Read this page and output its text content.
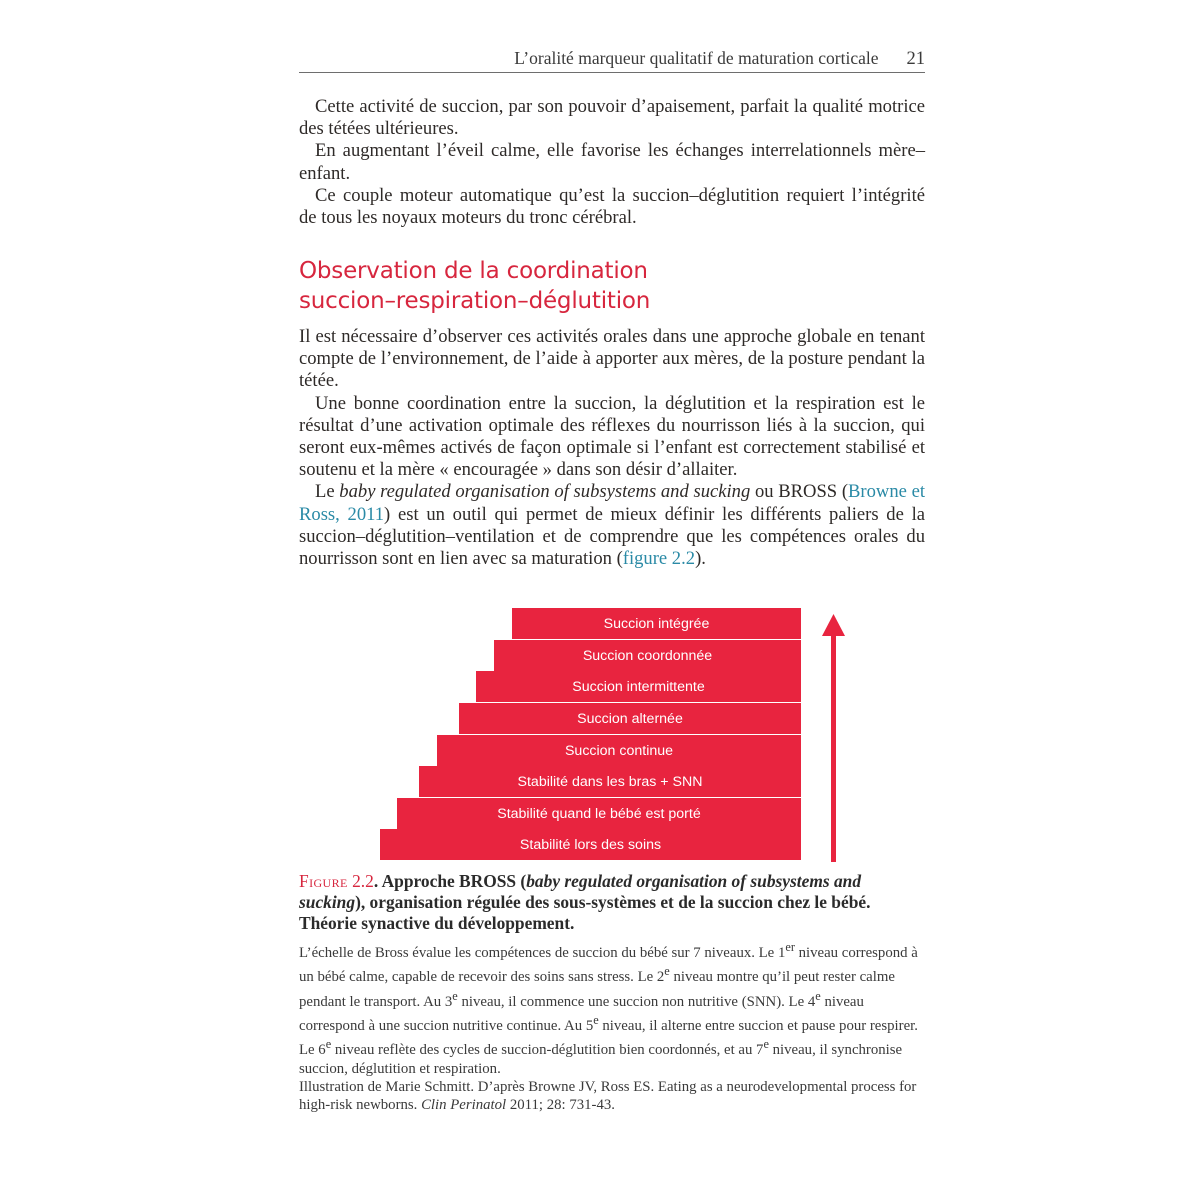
L’oralité marqueur qualitatif de maturation corticale 21

Cette activité de succion, par son pouvoir d’apaisement, parfait la qualité motrice des tétées ultérieures.

En augmentant l’éveil calme, elle favorise les échanges interrelationnels mère–enfant.

Ce couple moteur automatique qu’est la succion–déglutition requiert l’intégrité de tous les noyaux moteurs du tronc cérébral.

Observation de la coordination
succion–respiration–déglutition

Il est nécessaire d’observer ces activités orales dans une approche globale en tenant compte de l’environnement, de l’aide à apporter aux mères, de la posture pendant la tétée.

Une bonne coordination entre la succion, la déglutition et la respiration est le résultat d’une activation optimale des réflexes du nourrisson liés à la succion, qui seront eux-mêmes activés de façon optimale si l’enfant est correctement stabilisé et soutenu et la mère « encouragée » dans son désir d’allaiter.

Le baby regulated organisation of subsystems and sucking ou BROSS (Browne et Ross, 2011) est un outil qui permet de mieux définir les différents paliers de la succion–déglutition–ventilation et de comprendre que les compétences orales du nourrisson sont en lien avec sa maturation (figure 2.2).

Succion intégrée
Succion coordonnée
Succion intermittente
Succion alternée
Succion continue
Stabilité dans les bras + SNN
Stabilité quand le bébé est porté
Stabilité lors des soins

Figure 2.2. Approche BROSS (baby regulated organisation of subsystems and sucking), organisation régulée des sous-systèmes et de la succion chez le bébé. Théorie synactive du développement.

L’échelle de Bross évalue les compétences de succion du bébé sur 7 niveaux. Le 1er niveau correspond à un bébé calme, capable de recevoir des soins sans stress. Le 2e niveau montre qu’il peut rester calme pendant le transport. Au 3e niveau, il commence une succion non nutritive (SNN). Le 4e niveau correspond à une succion nutritive continue. Au 5e niveau, il alterne entre succion et pause pour respirer. Le 6e niveau reflète des cycles de succion-déglutition bien coordonnés, et au 7e niveau, il synchronise succion, déglutition et respiration.

Illustration de Marie Schmitt. D’après Browne JV, Ross ES. Eating as a neurodevelopmental process for high-risk newborns. Clin Perinatol 2011; 28: 731-43.
